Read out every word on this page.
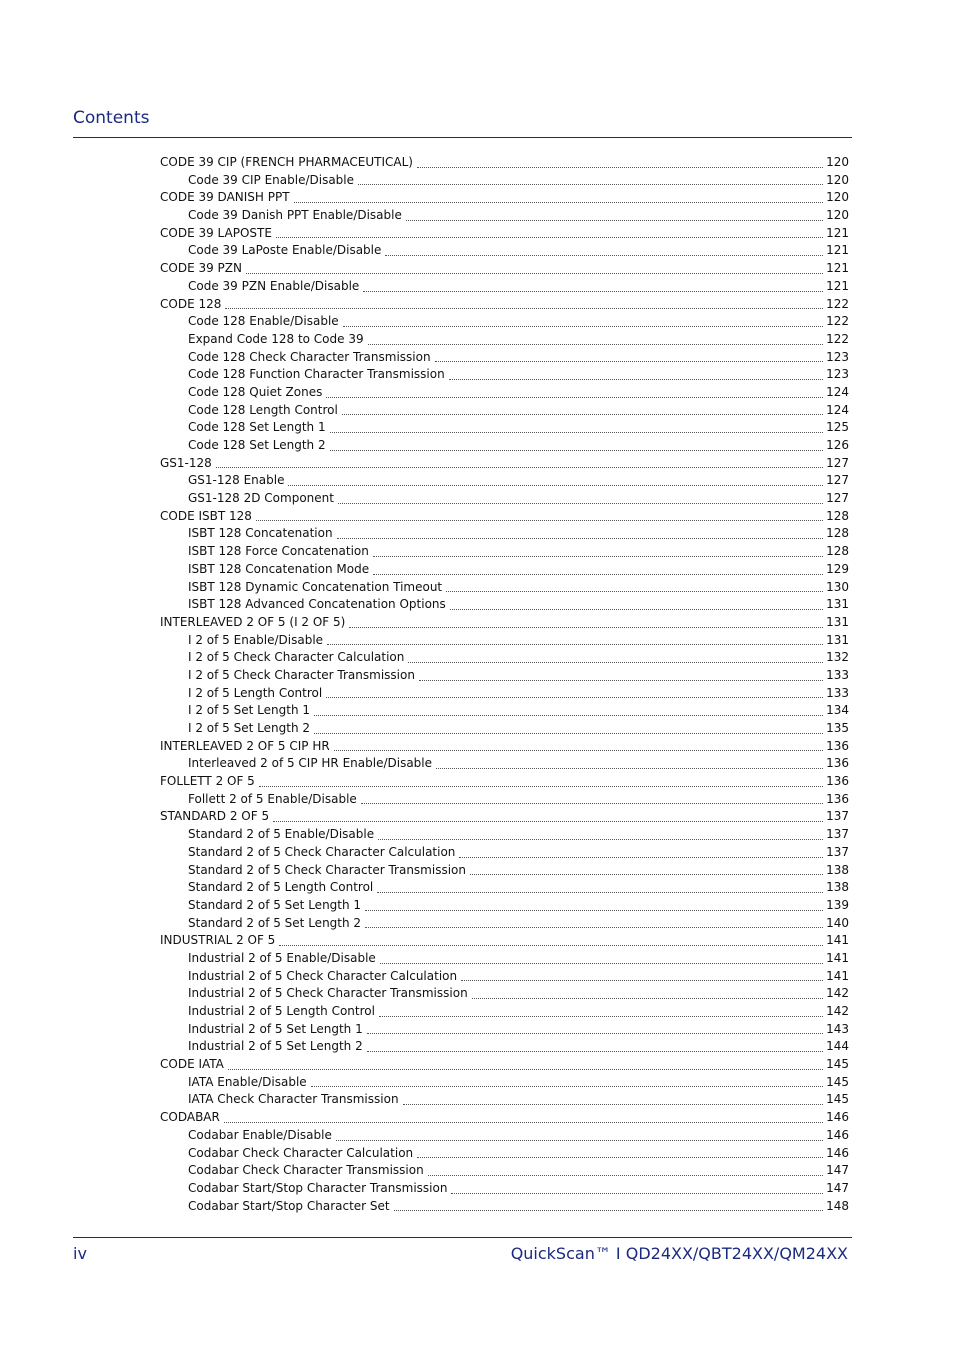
Contents
CODE 39 CIP (FRENCH PHARMACEUTICAL)	120
Code 39 CIP Enable/Disable	120
CODE 39 DANISH PPT	120
Code 39 Danish PPT Enable/Disable	120
CODE 39 LAPOSTE	121
Code 39 LaPoste Enable/Disable	121
CODE 39 PZN	121
Code 39 PZN Enable/Disable	121
CODE 128	122
Code 128 Enable/Disable	122
Expand Code 128 to Code 39	122
Code 128 Check Character Transmission	123
Code 128 Function Character Transmission	123
Code 128 Quiet Zones	124
Code 128 Length Control	124
Code 128 Set Length 1	125
Code 128 Set Length 2	126
GS1-128	127
GS1-128 Enable	127
GS1-128 2D Component	127
CODE ISBT 128	128
ISBT 128 Concatenation	128
ISBT 128 Force Concatenation	128
ISBT 128 Concatenation Mode	129
ISBT 128 Dynamic Concatenation Timeout	130
ISBT 128 Advanced Concatenation Options	131
INTERLEAVED 2 OF 5 (I 2 OF 5)	131
I 2 of 5 Enable/Disable	131
I 2 of 5 Check Character Calculation	132
I 2 of 5 Check Character Transmission	133
I 2 of 5 Length Control	133
I 2 of 5 Set Length 1	134
I 2 of 5 Set Length 2	135
INTERLEAVED 2 OF 5 CIP HR	136
Interleaved 2 of 5 CIP HR Enable/Disable	136
FOLLETT 2 OF 5	136
Follett 2 of 5 Enable/Disable	136
STANDARD 2 OF 5	137
Standard 2 of 5 Enable/Disable	137
Standard 2 of 5 Check Character Calculation	137
Standard 2 of 5 Check Character Transmission	138
Standard 2 of 5 Length Control	138
Standard 2 of 5 Set Length 1	139
Standard 2 of 5 Set Length 2	140
INDUSTRIAL 2 OF 5	141
Industrial 2 of 5 Enable/Disable	141
Industrial 2 of 5 Check Character Calculation	141
Industrial 2 of 5 Check Character Transmission	142
Industrial 2 of 5 Length Control	142
Industrial 2 of 5 Set Length 1	143
Industrial 2 of 5 Set Length 2	144
CODE IATA	145
IATA Enable/Disable	145
IATA Check Character Transmission	145
CODABAR	146
Codabar Enable/Disable	146
Codabar Check Character Calculation	146
Codabar Check Character Transmission	147
Codabar Start/Stop Character Transmission	147
Codabar Start/Stop Character Set	148
iv	QuickScan™ I QD24XX/QBT24XX/QM24XX
